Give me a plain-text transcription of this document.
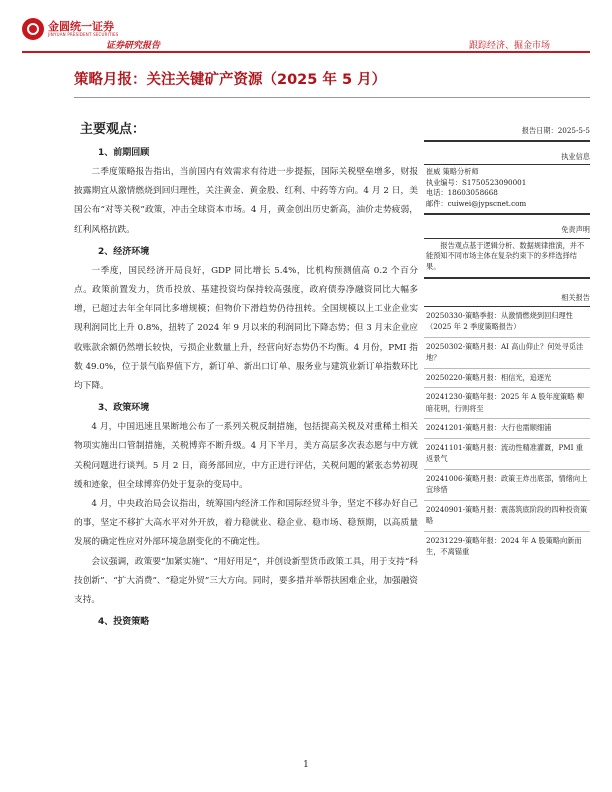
金圆统一证券
JINYUAN PRESIDENT SECURITIES
证券研究报告	跟踪经济、掘金市场
策略月报：关注关键矿产资源（2025 年 5 月）
主要观点：
1、前期回顾

二季度策略报告指出，当前国内有效需求有待进一步提振，国际关税壁垒增多，财报披露期宜从激情燃烧到回归理性，关注黄金、黄金股、红利、中药等方向。4 月 2 日，美国公布“对等关税”政策，冲击全球资本市场。4 月，黄金创出历史新高，油价走势疲弱，红利风格抗跌。

2、经济环境

一季度，国民经济开局良好，GDP 同比增长 5.4%，比机构预测值高 0.2 个百分点。政策前置发力，货币投放、基建投资均保持较高强度，政府债券净融资同比大幅多增，已超过去年全年同比多增规模；但物价下滑趋势仍待扭转。全国规模以上工业企业实现利润同比上升 0.8%，扭转了 2024 年 9 月以来的利润同比下降态势；但 3 月末企业应收账款余额仍然增长较快，亏损企业数量上升，经营向好态势仍不均衡。4 月份，PMI 指数 49.0%，位于景气临界值下方，新订单、新出口订单、服务业与建筑业新订单指数环比均下降。

3、政策环境

4 月，中国迅速且果断地公布了一系列关税反制措施，包括提高关税及对重稀土相关物项实施出口管制措施，关税博弈不断升级。4 月下半月，美方高层多次表态愿与中方就关税问题进行谈判。5 月 2 日，商务部回应，中方正进行评估，关税问题的紧张态势初现缓和迹象，但全球博弈仍处于复杂的变局中。

4 月，中央政治局会议指出，统筹国内经济工作和国际经贸斗争，坚定不移办好自己的事，坚定不移扩大高水平对外开放，着力稳就业、稳企业、稳市场、稳预期，以高质量发展的确定性应对外部环境急剧变化的不确定性。

会议强调，政策要“加紧实施”、“用好用足”，并创设新型货币政策工具，用于支持“科技创新”、“扩大消费”、“稳定外贸”三大方向。同时，要多措并举帮扶困难企业，加强融资支持。

4、投资策略
报告日期：2025-5-5
执业信息
崔威 策略分析师
执业编号：S1750523090001
电话：18603058668
邮件：cuiwei@jypscnet.com
免责声明
报告观点基于逻辑分析、数据规律推演，并不能预知不同市场主体在复杂约束下的多样选择结果。
相关报告
20250330-策略季报：从激情燃烧到回归理性（2025 年 2 季度策略报告）
20250302-策略月报：AI 高山仰止？何处寻觅洼地？
20250220-策略月报：相信光，追逐光
20241230-策略年报：2025 年 A 股年度策略 柳暗花明，行则将至
20241201-策略月报：大行也需顺细浦
20241101-策略月报：流动性精准灌溉，PMI 重返景气
20241006-策略月报：政策王炸出底部，情绪向上宜珍惜
20240901-策略月报：震荡筑底阶段的四种投资策略
20231229-策略年报：2024 年 A 股策略向新而生，不离锚重
1
